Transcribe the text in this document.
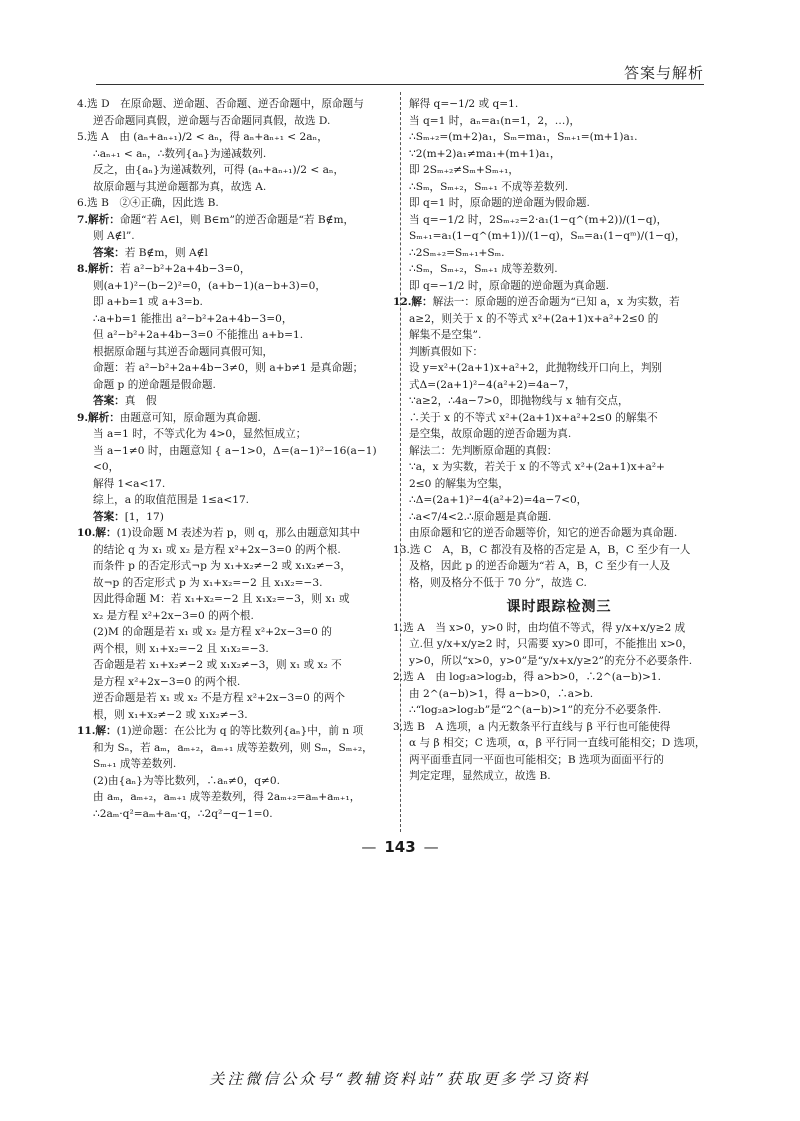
答案与解析

4.选 D　在原命题、逆命题、否命题、逆否命题中，原命题与

逆否命题同真假，逆命题与否命题同真假，故选 D.

5.选 A　由 (aₙ+aₙ₊₁)/2 < aₙ，得 aₙ+aₙ₊₁ < 2aₙ，

∴aₙ₊₁ < aₙ，∴数列{aₙ}为递减数列.

反之，由{aₙ}为递减数列，可得 (aₙ+aₙ₊₁)/2 < aₙ，

故原命题与其逆命题都为真，故选 A.

6.选 B　②④正确，因此选 B.

7.解析：命题“若 A∈l，则 B∈m”的逆否命题是“若 B∉m，

则 A∉l”.

答案：若 B∉m，则 A∉l

8.解析：若 a²−b²+2a+4b−3=0，

则(a+1)²−(b−2)²=0，(a+b−1)(a−b+3)=0，

即 a+b=1 或 a+3=b.

∴a+b=1 能推出 a²−b²+2a+4b−3=0，

但 a²−b²+2a+4b−3=0 不能推出 a+b=1.

根据原命题与其逆否命题同真假可知，

命题：若 a²−b²+2a+4b−3≠0，则 a+b≠1 是真命题；

命题 p 的逆命题是假命题.

答案：真　假

9.解析：由题意可知，原命题为真命题.

当 a=1 时，不等式化为 4>0，显然恒成立；

当 a−1≠0 时，由题意知 { a−1>0，Δ=(a−1)²−16(a−1)<0，

解得 1<a<17.

综上，a 的取值范围是 1≤a<17.

答案：[1，17)

10.解：(1)设命题 M 表述为若 p，则 q，那么由题意知其中

的结论 q 为 x₁ 或 x₂ 是方程 x²+2x−3=0 的两个根.

而条件 p 的否定形式¬p 为 x₁+x₂≠−2 或 x₁x₂≠−3，

故¬p 的否定形式 p 为 x₁+x₂=−2 且 x₁x₂=−3.

因此得命题 M：若 x₁+x₂=−2 且 x₁x₂=−3，则 x₁ 或

x₂ 是方程 x²+2x−3=0 的两个根.

(2)M 的命题是若 x₁ 或 x₂ 是方程 x²+2x−3=0 的

两个根，则 x₁+x₂=−2 且 x₁x₂=−3.

否命题是若 x₁+x₂≠−2 或 x₁x₂≠−3，则 x₁ 或 x₂ 不

是方程 x²+2x−3=0 的两个根.

逆否命题是若 x₁ 或 x₂ 不是方程 x²+2x−3=0 的两个

根，则 x₁+x₂≠−2 或 x₁x₂≠−3.

11.解：(1)逆命题：在公比为 q 的等比数列{aₙ}中，前 n 项

和为 Sₙ，若 aₘ，aₘ₊₂，aₘ₊₁ 成等差数列，则 Sₘ，Sₘ₊₂，

Sₘ₊₁ 成等差数列.

(2)由{aₙ}为等比数列，∴aₙ≠0，q≠0.

由 aₘ，aₘ₊₂，aₘ₊₁ 成等差数列，得 2aₘ₊₂=aₘ+aₘ₊₁，

∴2aₘ·q²=aₘ+aₘ·q，∴2q²−q−1=0.

解得 q=−1/2 或 q=1.

当 q=1 时，aₙ=a₁(n=1，2，…)，

∴Sₘ₊₂=(m+2)a₁，Sₘ=ma₁，Sₘ₊₁=(m+1)a₁.

∵2(m+2)a₁≠ma₁+(m+1)a₁，

即 2Sₘ₊₂≠Sₘ+Sₘ₊₁，

∴Sₘ，Sₘ₊₂，Sₘ₊₁ 不成等差数列.

即 q=1 时，原命题的逆命题为假命题.

当 q=−1/2 时，2Sₘ₊₂=2·a₁(1−q^(m+2))/(1−q)，

Sₘ₊₁=a₁(1−q^(m+1))/(1−q)，Sₘ=a₁(1−qᵐ)/(1−q)，

∴2Sₘ₊₂=Sₘ₊₁+Sₘ.

∴Sₘ，Sₘ₊₂，Sₘ₊₁ 成等差数列.

即 q=−1/2 时，原命题的逆命题为真命题.

12.解：解法一：原命题的逆否命题为“已知 a，x 为实数，若

a≥2，则关于 x 的不等式 x²+(2a+1)x+a²+2≤0 的

解集不是空集”.

判断真假如下：

设 y=x²+(2a+1)x+a²+2，此抛物线开口向上，判别

式Δ=(2a+1)²−4(a²+2)=4a−7，

∵a≥2，∴4a−7>0，即抛物线与 x 轴有交点，

∴关于 x 的不等式 x²+(2a+1)x+a²+2≤0 的解集不

是空集，故原命题的逆否命题为真.

解法二：先判断原命题的真假：

∵a，x 为实数，若关于 x 的不等式 x²+(2a+1)x+a²+

2≤0 的解集为空集，

∴Δ=(2a+1)²−4(a²+2)=4a−7<0，

∴a<7/4<2.∴原命题是真命题.

由原命题和它的逆否命题等价，知它的逆否命题为真命题.

13.选 C　A，B，C 都没有及格的否定是 A，B，C 至少有一人

及格，因此 p 的逆否命题为“若 A，B，C 至少有一人及

格，则及格分不低于 70 分”，故选 C.

课时跟踪检测三

1.选 A　当 x>0，y>0 时，由均值不等式，得 y/x+x/y≥2 成

立.但 y/x+x/y≥2 时，只需要 xy>0 即可，不能推出 x>0，

y>0，所以“x>0，y>0”是“y/x+x/y≥2”的充分不必要条件.

2.选 A　由 log₂a>log₂b，得 a>b>0，∴2^(a−b)>1.

由 2^(a−b)>1，得 a−b>0，∴a>b.

∴“log₂a>log₂b”是“2^(a−b)>1”的充分不必要条件.

3.选 B　A 选项，a 内无数条平行直线与 β 平行也可能使得

α 与 β 相交；C 选项，α，β 平行同一直线可能相交；D 选项，

两平面垂直同一平面也可能相交；B 选项为面面平行的

判定定理，显然成立，故选 B.

— 143 —
关注微信公众号“教辅资料站”获取更多学习资料
